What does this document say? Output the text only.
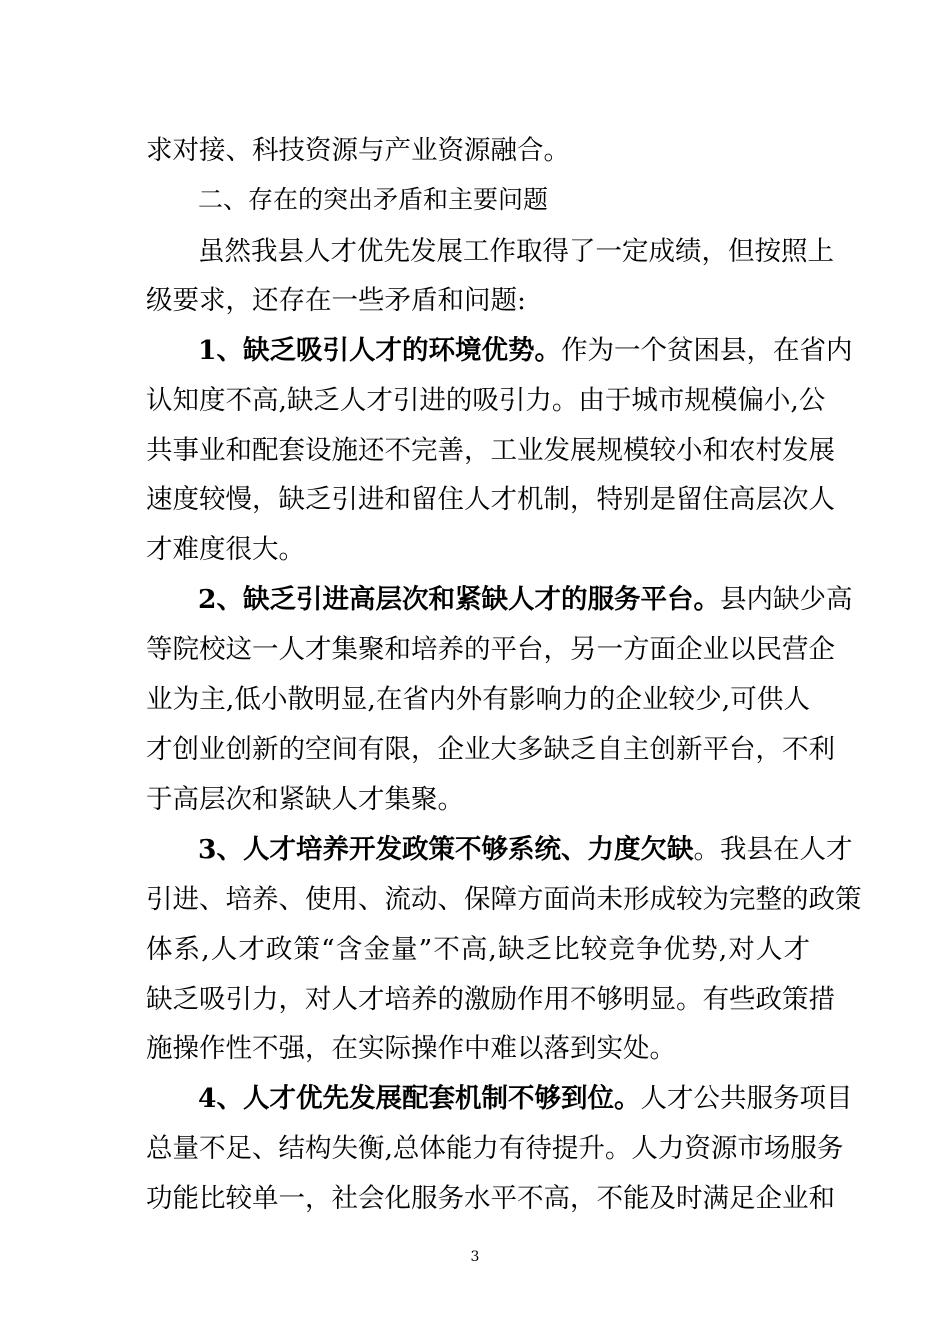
求对接、科技资源与产业资源融合。
二、存在的突出矛盾和主要问题
虽然我县人才优先发展工作取得了一定成绩，但按照上
级要求，还存在一些矛盾和问题:
1、缺乏吸引人才的环境优势。作为一个贫困县，在省内
认知度不高,缺乏人才引进的吸引力。由于城市规模偏小,公
共事业和配套设施还不完善，工业发展规模较小和农村发展
速度较慢，缺乏引进和留住人才机制，特别是留住高层次人
才难度很大。
2、缺乏引进高层次和紧缺人才的服务平台。县内缺少高
等院校这一人才集聚和培养的平台，另一方面企业以民营企
业为主,低小散明显,在省内外有影响力的企业较少,可供人
才创业创新的空间有限，企业大多缺乏自主创新平台，不利
于高层次和紧缺人才集聚。
3、人才培养开发政策不够系统、力度欠缺。我县在人才
引进、培养、使用、流动、保障方面尚未形成较为完整的政策
体系,人才政策“含金量”不高,缺乏比较竞争优势,对人才
缺乏吸引力，对人才培养的激励作用不够明显。有些政策措
施操作性不强，在实际操作中难以落到实处。
4、人才优先发展配套机制不够到位。人才公共服务项目
总量不足、结构失衡,总体能力有待提升。人力资源市场服务
功能比较单一，社会化服务水平不高，不能及时满足企业和
3
